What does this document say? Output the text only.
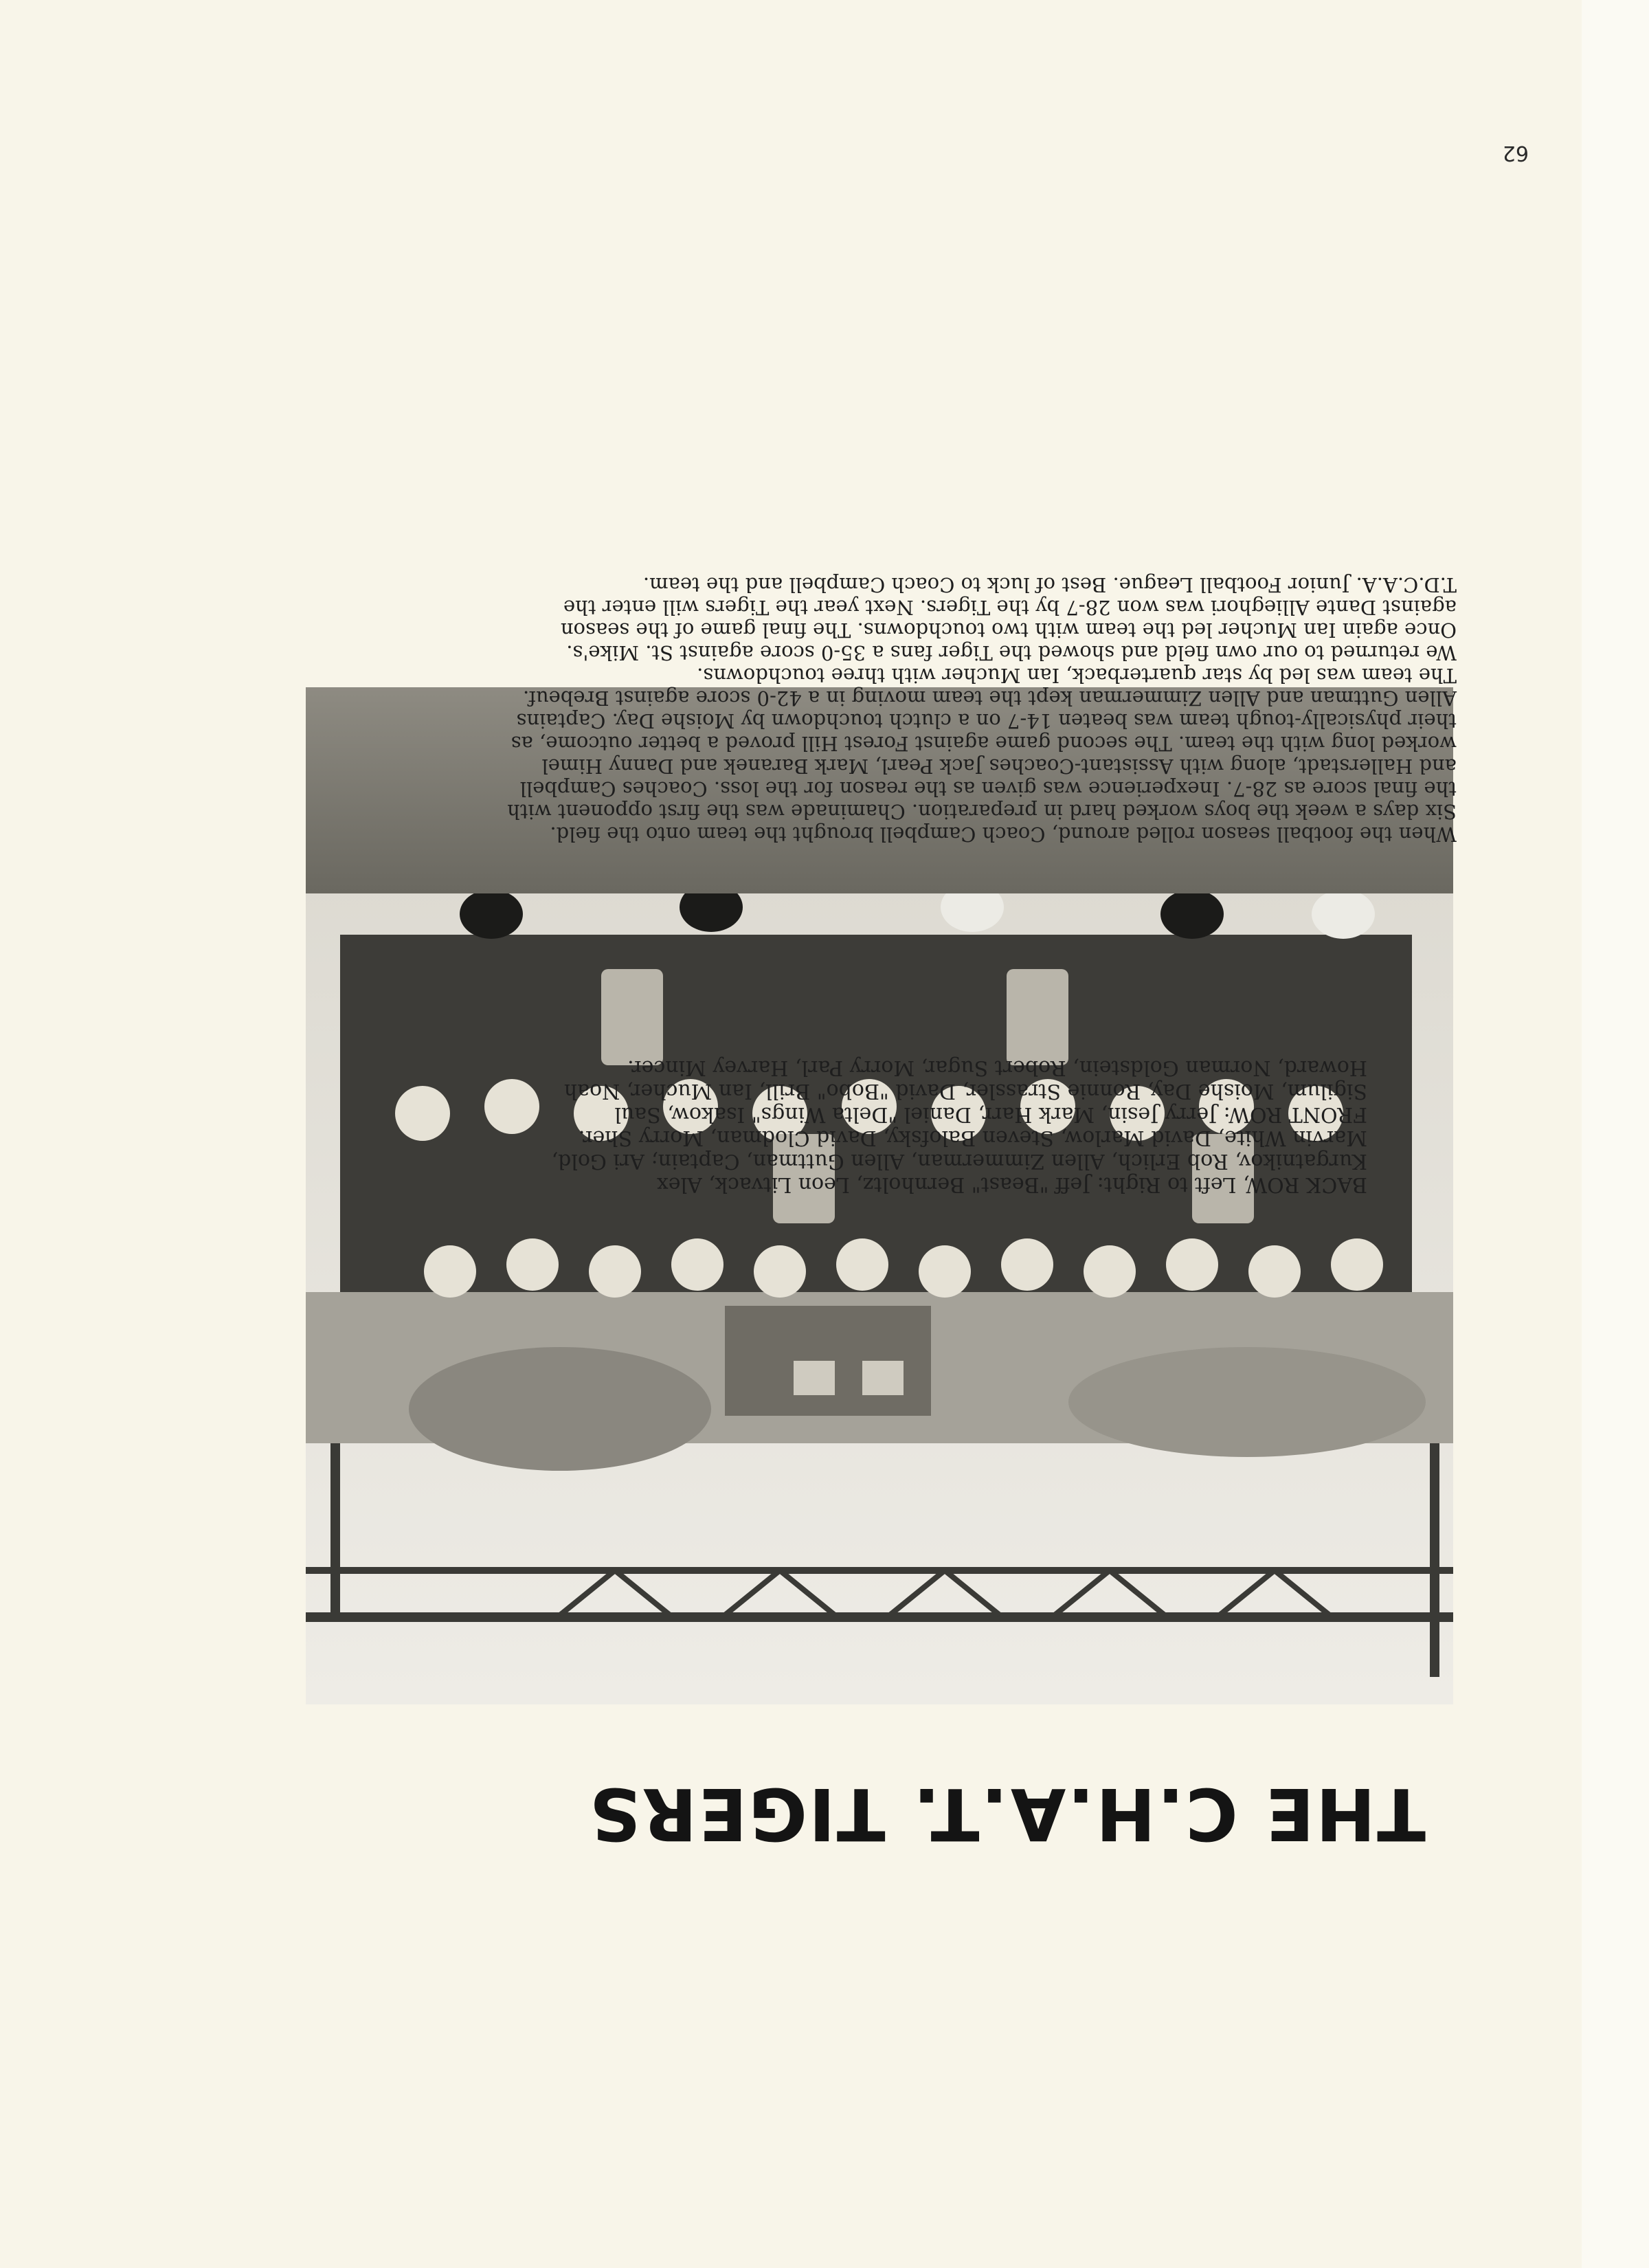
62
THE C.H.A.T. TIGERS
BACK ROW, Left to Right: Jeff "Beast" Bernholtz, Leon Litvack, Alex
Kurgatnikov, Rob Erlich, Allen Zimmerman, Allen Guttman, Captain; Ari Gold,
Marvin White, David Marlow, Steven Balofsky, David Clodman, Morry Sher.
FRONT ROW: Jerry Jesin, Mark Harr, Daniel "Delta Wings" Isakow, Saul
Sigilum, Moishe Day, Ronnie Strassler, David "Bobo" Brill, Ian Mucher, Noah
Howard, Norman Goldstein, Robert Sugar, Morry Parl, Harvey Mincer.
When the football season rolled around, Coach Campbell brought the team onto the field.
Six days a week the boys worked hard in preparation. Chaminade was the first opponent with
the final score as 28-7. Inexperience was given as the reason for the loss. Coaches Campbell
and Hallerstadt, along with Assistant-Coaches Jack Pearl, Mark Baranek and Danny Himel
worked long with the team. The second game against Forest Hill proved a better outcome, as
their physically-tough team was beaten 14-7 on a clutch touchdown by Moishe Day. Captains
Allen Guttman and Allen Zimmerman kept the team moving in a 42-0 score against Brebeuf.
The team was led by star quarterback, Ian Mucher with three touchdowns.
We returned to our own field and showed the Tiger fans a 35-0 score against St. Mike's.
Once again Ian Mucher led the team with two touchdowns. The final game of the season
against Dante Allieghori was won 28-7 by the Tigers. Next year the Tigers will enter the
T.D.C.A.A. Junior Football League. Best of luck to Coach Campbell and the team.
